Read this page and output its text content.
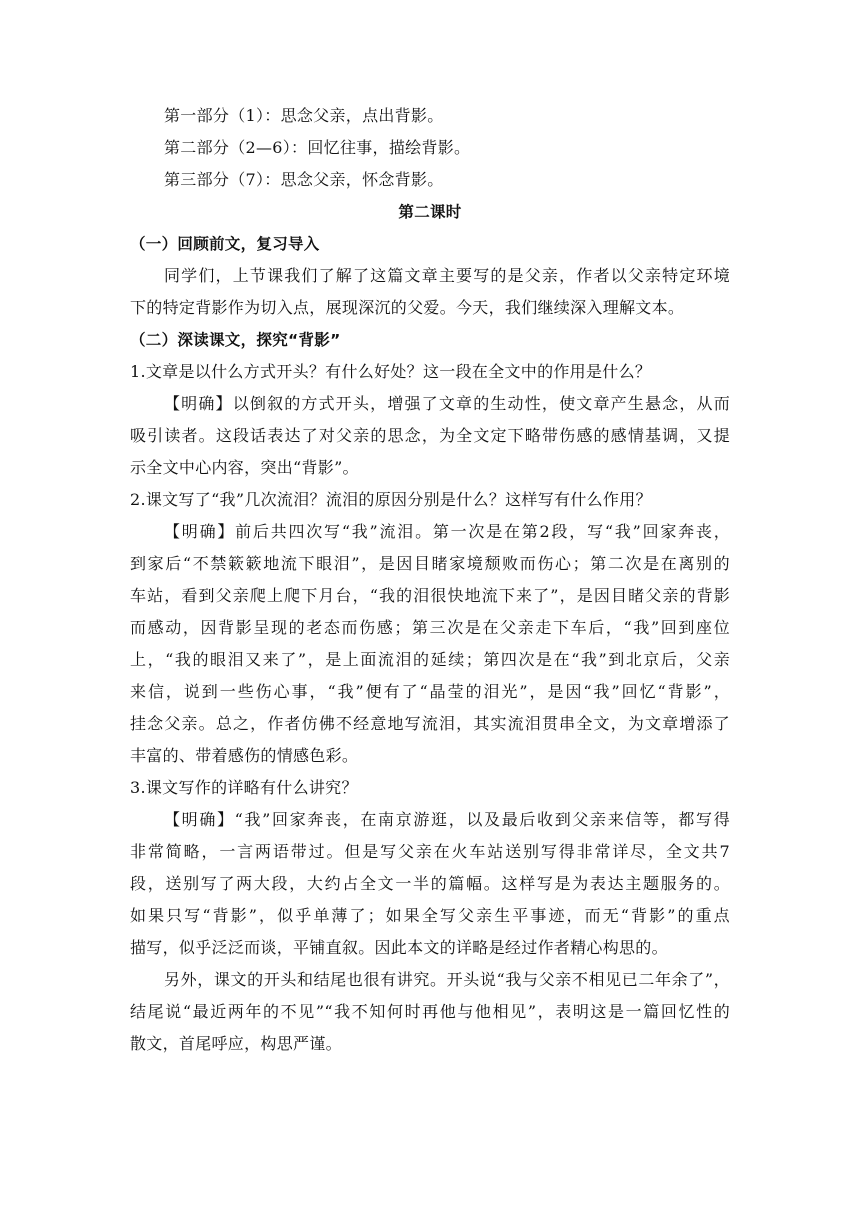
第一部分（1）：思念父亲，点出背影。
第二部分（2—6）：回忆往事，描绘背影。
第三部分（7）：思念父亲，怀念背影。
第二课时
（一）回顾前文，复习导入
同学们，上节课我们了解了这篇文章主要写的是父亲，作者以父亲特定环境
下的特定背影作为切入点，展现深沉的父爱。今天，我们继续深入理解文本。
（二）深读课文，探究“背影”
1.文章是以什么方式开头？有什么好处？这一段在全文中的作用是什么？
【明确】以倒叙的方式开头，增强了文章的生动性，使文章产生悬念，从而
吸引读者。这段话表达了对父亲的思念，为全文定下略带伤感的感情基调，又提
示全文中心内容，突出“背影”。
2.课文写了“我”几次流泪？流泪的原因分别是什么？这样写有什么作用？
【明确】前后共四次写“我”流泪。第一次是在第2段，写“我”回家奔丧，
到家后“不禁簌簌地流下眼泪”，是因目睹家境颓败而伤心；第二次是在离别的
车站，看到父亲爬上爬下月台，“我的泪很快地流下来了”，是因目睹父亲的背影
而感动，因背影呈现的老态而伤感；第三次是在父亲走下车后，“我”回到座位
上，“我的眼泪又来了”，是上面流泪的延续；第四次是在“我”到北京后，父亲
来信，说到一些伤心事，“我”便有了“晶莹的泪光”，是因“我”回忆“背影”，
挂念父亲。总之，作者仿佛不经意地写流泪，其实流泪贯串全文，为文章增添了
丰富的、带着感伤的情感色彩。
3.课文写作的详略有什么讲究？
【明确】“我”回家奔丧，在南京游逛，以及最后收到父亲来信等，都写得
非常简略，一言两语带过。但是写父亲在火车站送别写得非常详尽，全文共7
段，送别写了两大段，大约占全文一半的篇幅。这样写是为表达主题服务的。
如果只写“背影”，似乎单薄了；如果全写父亲生平事迹，而无“背影”的重点
描写，似乎泛泛而谈，平铺直叙。因此本文的详略是经过作者精心构思的。
另外，课文的开头和结尾也很有讲究。开头说“我与父亲不相见已二年余了”，
结尾说“最近两年的不见”“我不知何时再他与他相见”，表明这是一篇回忆性的
散文，首尾呼应，构思严谨。
